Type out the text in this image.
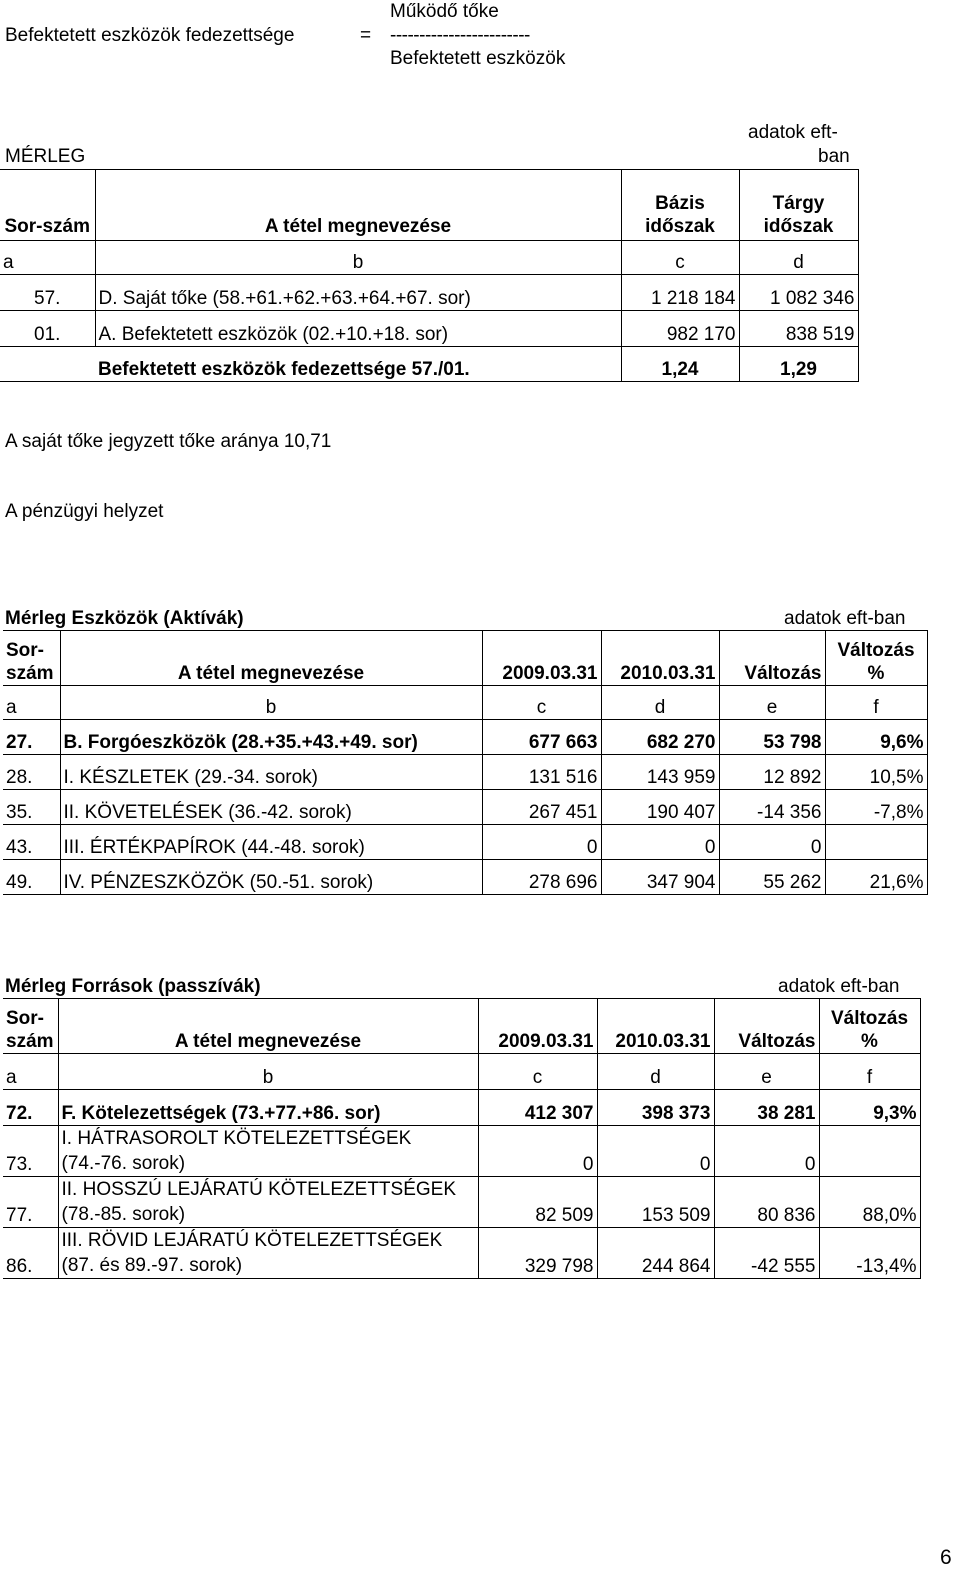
Befektetett eszközök fedezettsége	=
Működő tőke
------------------------
Befektetett eszközök
MÉRLEG
adatok eft-
ban
Sor-szám	A tétel megnevezése	Bázis időszak	Tárgy időszak
a	b	c	d
57.	D. Saját tőke (58.+61.+62.+63.+64.+67. sor)	1 218 184	1 082 346
01.	A. Befektetett eszközök (02.+10.+18. sor)	982 170	838 519
	Befektetett eszközök fedezettsége 57./01.	1,24	1,29
A saját tőke jegyzett tőke aránya 10,71
A pénzügyi helyzet
Mérleg Eszközök (Aktívák)	adatok eft-ban
Sor-szám	A tétel megnevezése	2009.03.31	2010.03.31	Változás	Változás %
a	b	c	d	e	f
27.	B. Forgóeszközök (28.+35.+43.+49. sor)	677 663	682 270	53 798	9,6%
28.	I. KÉSZLETEK (29.-34. sorok)	131 516	143 959	12 892	10,5%
35.	II. KÖVETELÉSEK (36.-42. sorok)	267 451	190 407	-14 356	-7,8%
43.	III. ÉRTÉKPAPÍROK (44.-48. sorok)	0	0	0	
49.	IV. PÉNZESZKÖZÖK (50.-51. sorok)	278 696	347 904	55 262	21,6%
Mérleg Források (passzívák)	adatok eft-ban
Sor-szám	A tétel megnevezése	2009.03.31	2010.03.31	Változás	Változás %
a	b	c	d	e	f
72.	F. Kötelezettségek (73.+77.+86. sor)	412 307	398 373	38 281	9,3%
73.	I. HÁTRASOROLT KÖTELEZETTSÉGEK (74.-76. sorok)	0	0	0	
77.	II. HOSSZÚ LEJÁRATÚ KÖTELEZETTSÉGEK (78.-85. sorok)	82 509	153 509	80 836	88,0%
86.	III. RÖVID LEJÁRATÚ KÖTELEZETTSÉGEK (87. és 89.-97. sorok)	329 798	244 864	-42 555	-13,4%
6
